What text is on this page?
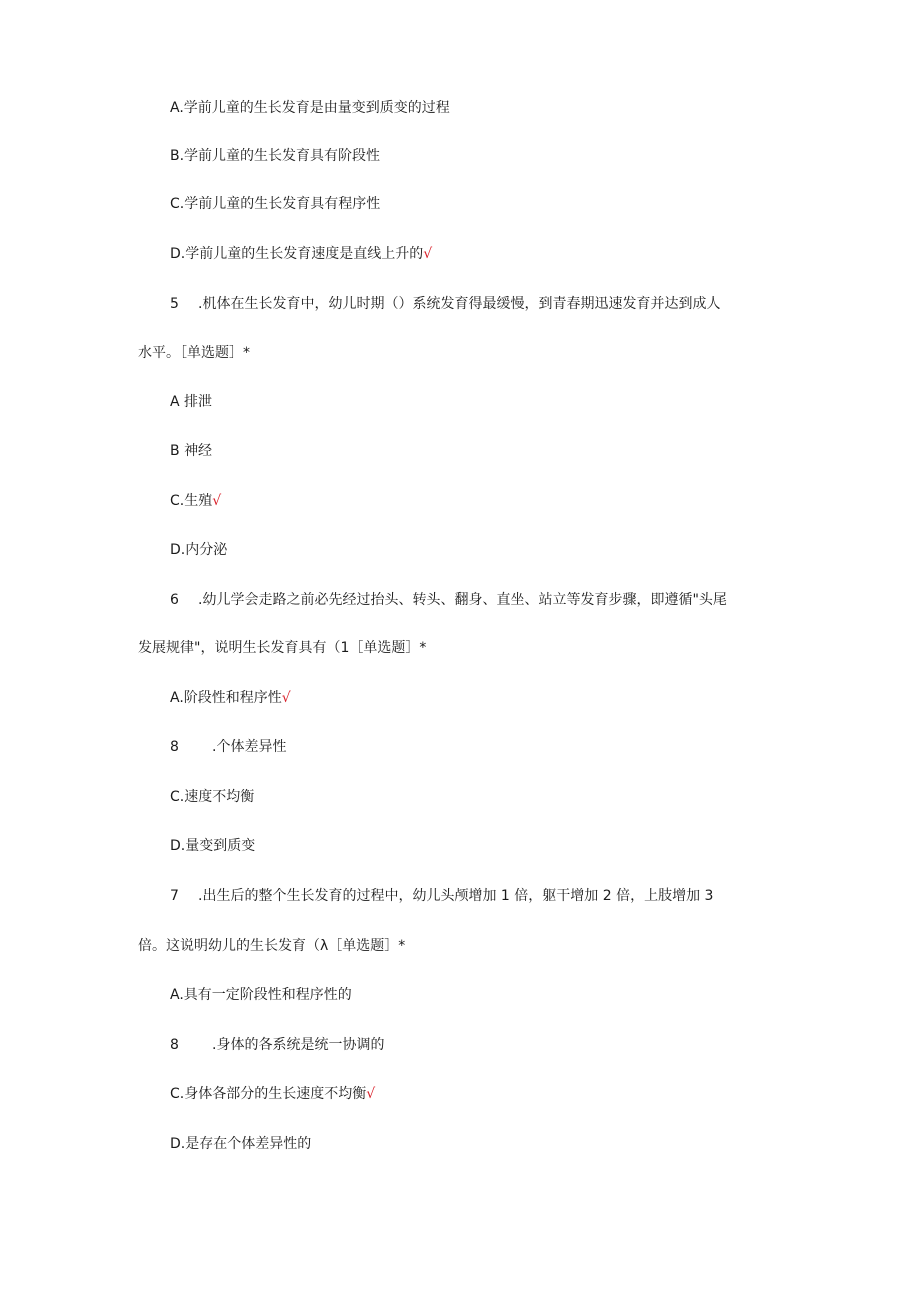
A.学前儿童的生长发育是由量变到质变的过程
B.学前儿童的生长发育具有阶段性
C.学前儿童的生长发育具有程序性
D.学前儿童的生长发育速度是直线上升的√
5 .机体在生长发育中，幼儿时期（）系统发育得最缓慢，到青春期迅速发育并达到成人
水平。［单选题］*
A 排泄
B 神经
C.生殖√
D.内分泌
6 .幼儿学会走路之前必先经过抬头、转头、翻身、直坐、站立等发育步骤，即遵循"头尾
发展规律"，说明生长发育具有（1［单选题］*
A.阶段性和程序性√
8 .个体差异性
C.速度不均衡
D.量变到质变
7 .出生后的整个生长发育的过程中，幼儿头颅增加 1 倍，躯干增加 2 倍，上肢增加 3
倍。这说明幼儿的生长发育（λ［单选题］*
A.具有一定阶段性和程序性的
8 .身体的各系统是统一协调的
C.身体各部分的生长速度不均衡√
D.是存在个体差异性的
